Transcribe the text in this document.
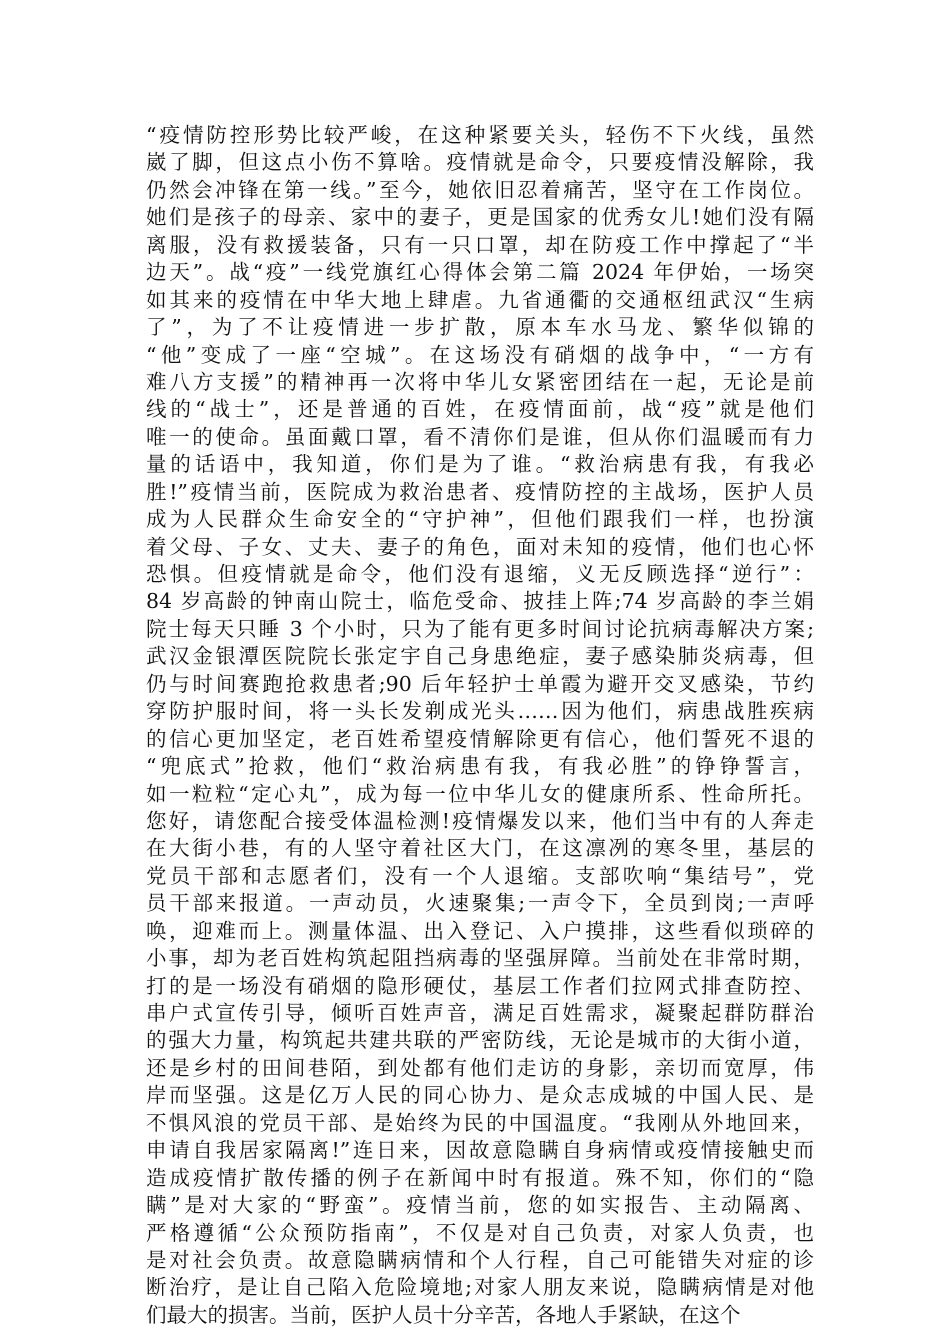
“疫情防控形势比较严峻，在这种紧要关头，轻伤不下火线，虽然
崴了脚，但这点小伤不算啥。疫情就是命令，只要疫情没解除，我
仍然会冲锋在第一线。”至今，她依旧忍着痛苦，坚守在工作岗位。
她们是孩子的母亲、家中的妻子，更是国家的优秀女儿!她们没有隔
离服，没有救援装备，只有一只口罩，却在防疫工作中撑起了“半
边天”。战“疫”一线党旗红心得体会第二篇 2024 年伊始，一场突
如其来的疫情在中华大地上肆虐。九省通衢的交通枢纽武汉“生病
了”，为了不让疫情进一步扩散，原本车水马龙、繁华似锦的
“他”变成了一座“空城”。在这场没有硝烟的战争中，“一方有
难八方支援”的精神再一次将中华儿女紧密团结在一起，无论是前
线的“战士”，还是普通的百姓，在疫情面前，战“疫”就是他们
唯一的使命。虽面戴口罩，看不清你们是谁，但从你们温暖而有力
量的话语中，我知道，你们是为了谁。“救治病患有我，有我必
胜!”疫情当前，医院成为救治患者、疫情防控的主战场，医护人员
成为人民群众生命安全的“守护神”，但他们跟我们一样，也扮演
着父母、子女、丈夫、妻子的角色，面对未知的疫情，他们也心怀
恐惧。但疫情就是命令，他们没有退缩，义无反顾选择“逆行”：
84 岁高龄的钟南山院士，临危受命、披挂上阵;74 岁高龄的李兰娟
院士每天只睡 3 个小时，只为了能有更多时间讨论抗病毒解决方案;
武汉金银潭医院院长张定宇自己身患绝症，妻子感染肺炎病毒，但
仍与时间赛跑抢救患者;90 后年轻护士单霞为避开交叉感染，节约
穿防护服时间，将一头长发剃成光头……因为他们，病患战胜疾病
的信心更加坚定，老百姓希望疫情解除更有信心，他们誓死不退的
“兜底式”抢救，他们“救治病患有我，有我必胜”的铮铮誓言，
如一粒粒“定心丸”，成为每一位中华儿女的健康所系、性命所托。
您好，请您配合接受体温检测!疫情爆发以来，他们当中有的人奔走
在大街小巷，有的人坚守着社区大门，在这凛冽的寒冬里，基层的
党员干部和志愿者们，没有一个人退缩。支部吹响“集结号”，党
员干部来报道。一声动员，火速聚集;一声令下，全员到岗;一声呼
唤，迎难而上。测量体温、出入登记、入户摸排，这些看似琐碎的
小事，却为老百姓构筑起阻挡病毒的坚强屏障。当前处在非常时期，
打的是一场没有硝烟的隐形硬仗，基层工作者们拉网式排查防控、
串户式宣传引导，倾听百姓声音，满足百姓需求，凝聚起群防群治
的强大力量，构筑起共建共联的严密防线，无论是城市的大街小道，
还是乡村的田间巷陌，到处都有他们走访的身影，亲切而宽厚，伟
岸而坚强。这是亿万人民的同心协力、是众志成城的中国人民、是
不惧风浪的党员干部、是始终为民的中国温度。“我刚从外地回来，
申请自我居家隔离!”连日来，因故意隐瞒自身病情或疫情接触史而
造成疫情扩散传播的例子在新闻中时有报道。殊不知，你们的“隐
瞒”是对大家的“野蛮”。疫情当前，您的如实报告、主动隔离、
严格遵循“公众预防指南”，不仅是对自己负责，对家人负责，也
是对社会负责。故意隐瞒病情和个人行程，自己可能错失对症的诊
断治疗，是让自己陷入危险境地;对家人朋友来说，隐瞒病情是对他
们最大的损害。当前，医护人员十分辛苦，各地人手紧缺，在这个
